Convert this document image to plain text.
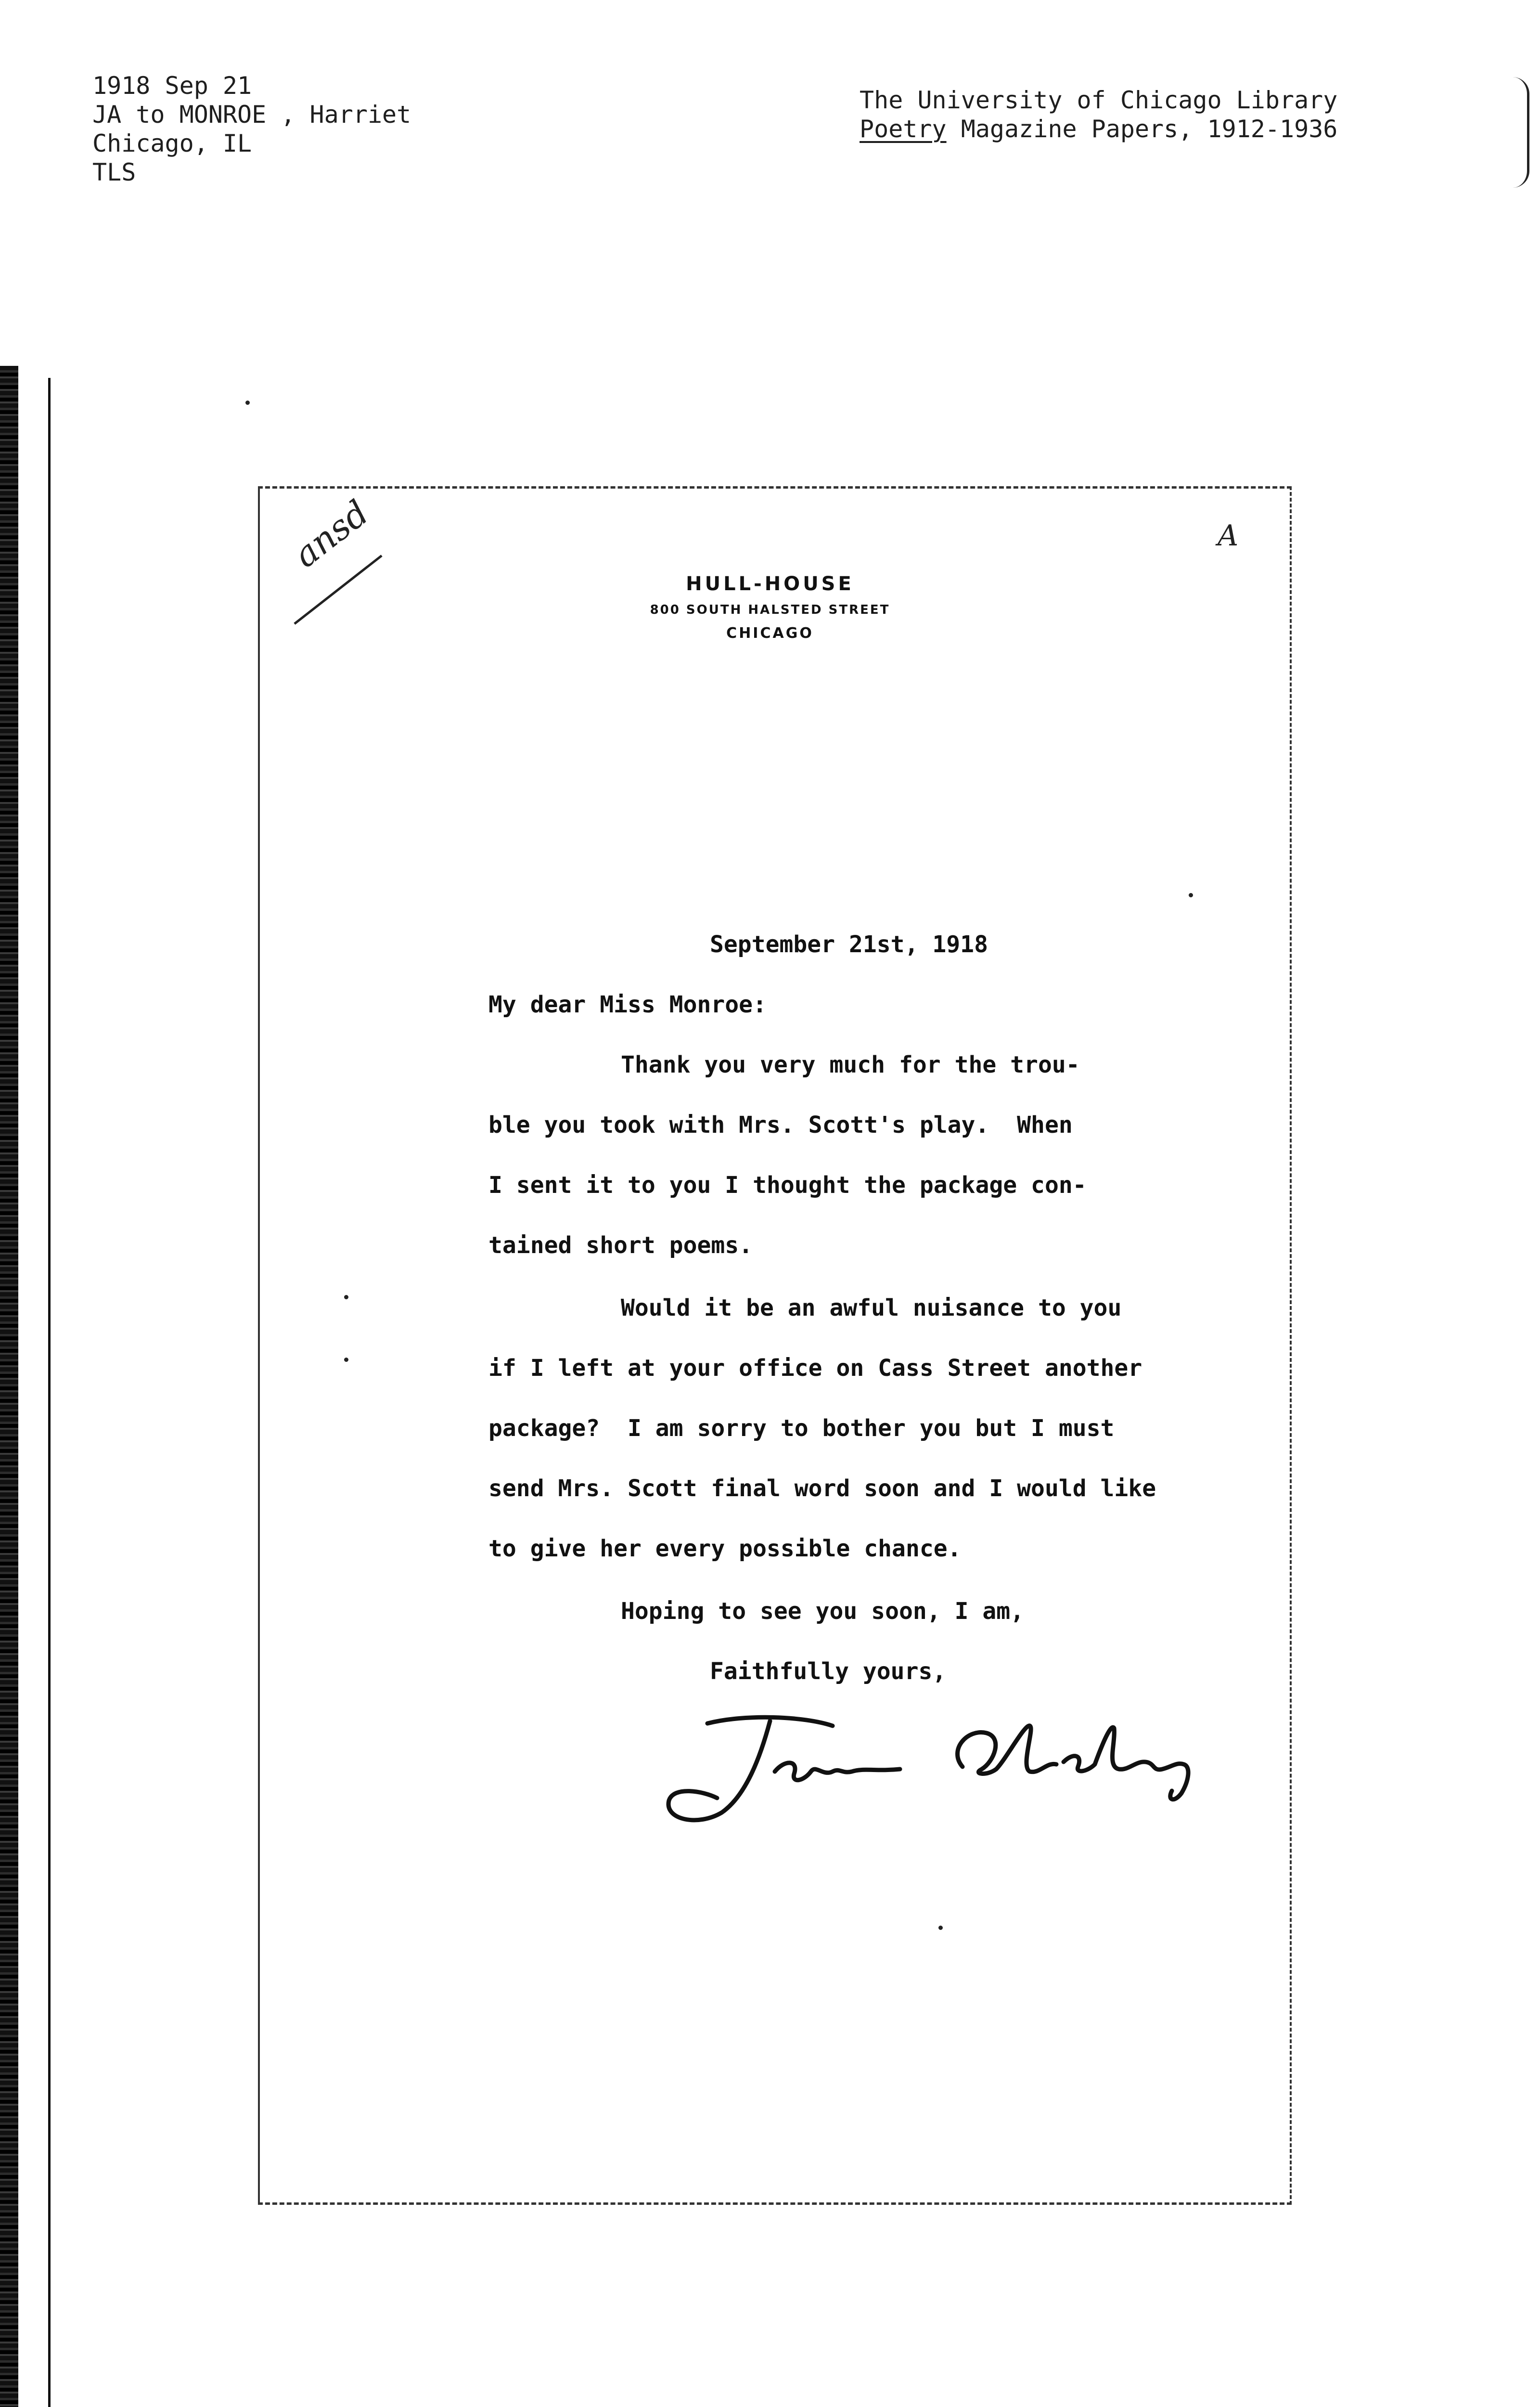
1918 Sep 21
JA to MONROE , Harriet
Chicago, IL
TLS
The University of Chicago Library
Poetry Magazine Papers, 1912-1936
ansd	A
HULL-HOUSE
800 SOUTH HALSTED STREET
CHICAGO
September 21st, 1918
My dear Miss Monroe:
Thank you very much for the trou-
ble you took with Mrs. Scott's play.  When
I sent it to you I thought the package con-
tained short poems.
Would it be an awful nuisance to you
if I left at your office on Cass Street another
package?  I am sorry to bother you but I must
send Mrs. Scott final word soon and I would like
to give her every possible chance.
Hoping to see you soon, I am,
Faithfully yours,
